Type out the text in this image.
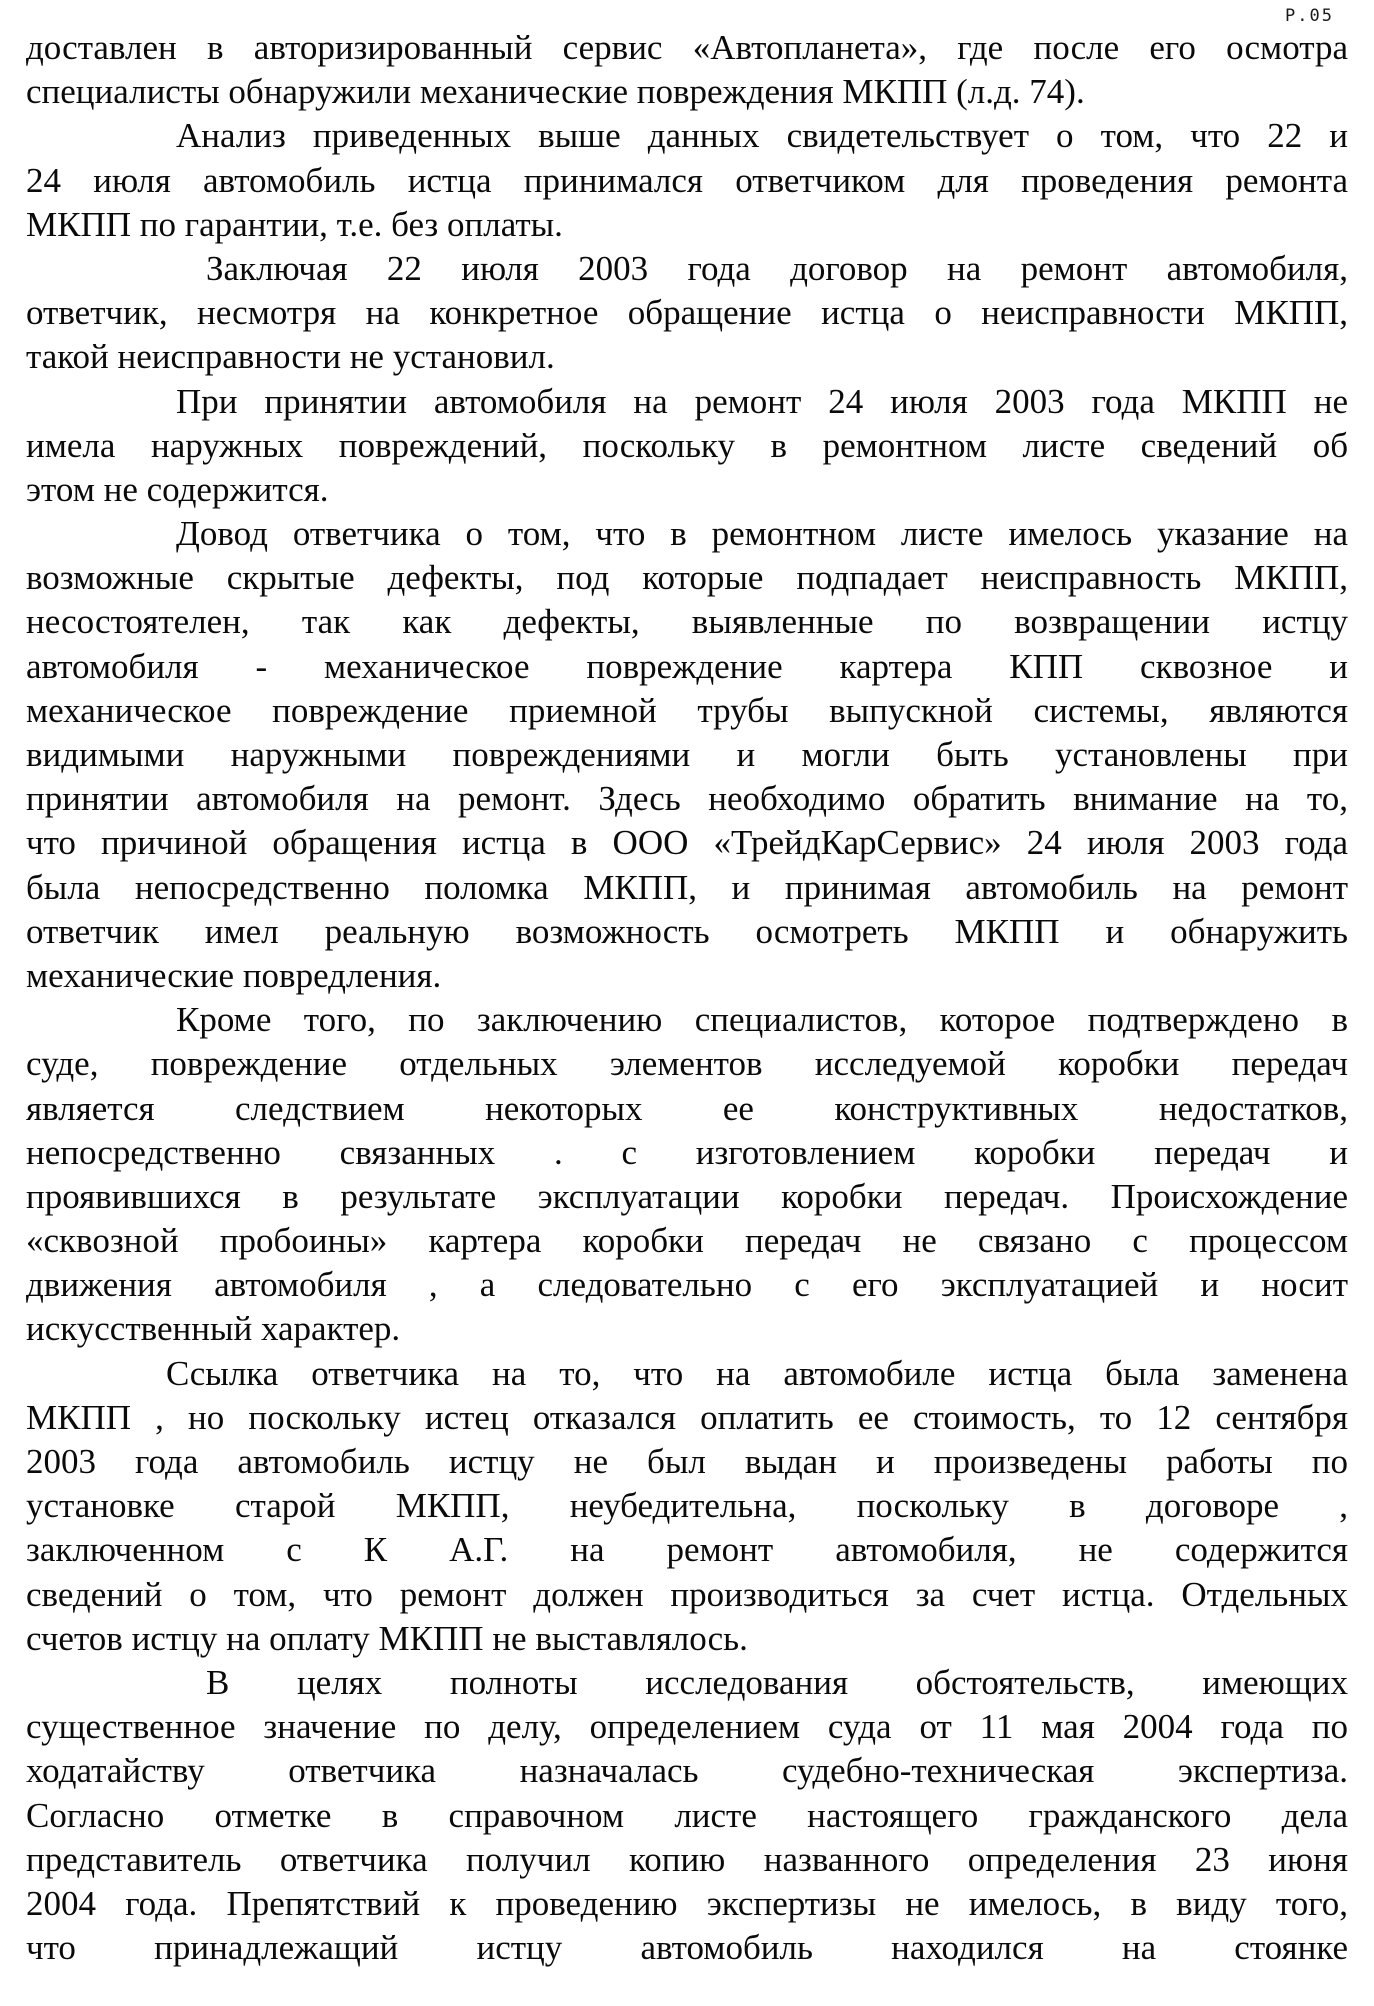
P.05
доставлен в авторизированный сервис «Автопланета», где после его осмотра
специалисты обнаружили механические повреждения МКПП (л.д. 74).
Анализ приведенных выше данных свидетельствует о том, что 22 и
24 июля автомобиль истца принимался ответчиком для проведения ремонта
МКПП по гарантии, т.е. без оплаты.
Заключая 22 июля 2003 года договор на ремонт автомобиля,
ответчик, несмотря на конкретное обращение истца о неисправности МКПП,
такой неисправности не установил.
При принятии автомобиля на ремонт 24 июля 2003 года МКПП не
имела наружных повреждений, поскольку в ремонтном листе сведений об
этом не содержится.
Довод ответчика о том, что в ремонтном листе имелось указание на
возможные скрытые дефекты, под которые подпадает неисправность МКПП,
несостоятелен, так как дефекты, выявленные по возвращении истцу
автомобиля - механическое повреждение картера КПП сквозное и
механическое повреждение приемной трубы выпускной системы, являются
видимыми наружными повреждениями и могли быть установлены при
принятии автомобиля на ремонт. Здесь необходимо обратить внимание на то,
что причиной обращения истца в ООО «ТрейдКарСервис» 24 июля 2003 года
была непосредственно поломка МКПП, и принимая автомобиль на ремонт
ответчик имел реальную возможность осмотреть МКПП и обнаружить
механические повредления.
Кроме того, по заключению специалистов, которое подтверждено в
суде, повреждение отдельных элементов исследуемой коробки передач
является следствием некоторых ее конструктивных недостатков,
непосредственно связанных . с изготовлением коробки передач и
проявившихся в результате эксплуатации коробки передач. Происхождение
«сквозной пробоины» картера коробки передач не связано с процессом
движения автомобиля , а следовательно с его эксплуатацией и носит
искусственный характер.
Ссылка ответчика на то, что на автомобиле истца была заменена
МКПП , но поскольку истец отказался оплатить ее стоимость, то 12 сентября
2003 года автомобиль истцу не был выдан и произведены работы по
установке старой МКПП, неубедительна, поскольку в договоре ,
заключенном с К А.Г. на ремонт автомобиля, не содержится
сведений о том, что ремонт должен производиться за счет истца. Отдельных
счетов истцу на оплату МКПП не выставлялось.
В целях полноты исследования обстоятельств, имеющих
существенное значение по делу, определением суда от 11 мая 2004 года по
ходатайству ответчика назначалась судебно-техническая экспертиза.
Согласно отметке в справочном листе настоящего гражданского дела
представитель ответчика получил копию названного определения 23 июня
2004 года. Препятствий к проведению экспертизы не имелось, в виду того,
что принадлежащий истцу автомобиль находился на стоянке
